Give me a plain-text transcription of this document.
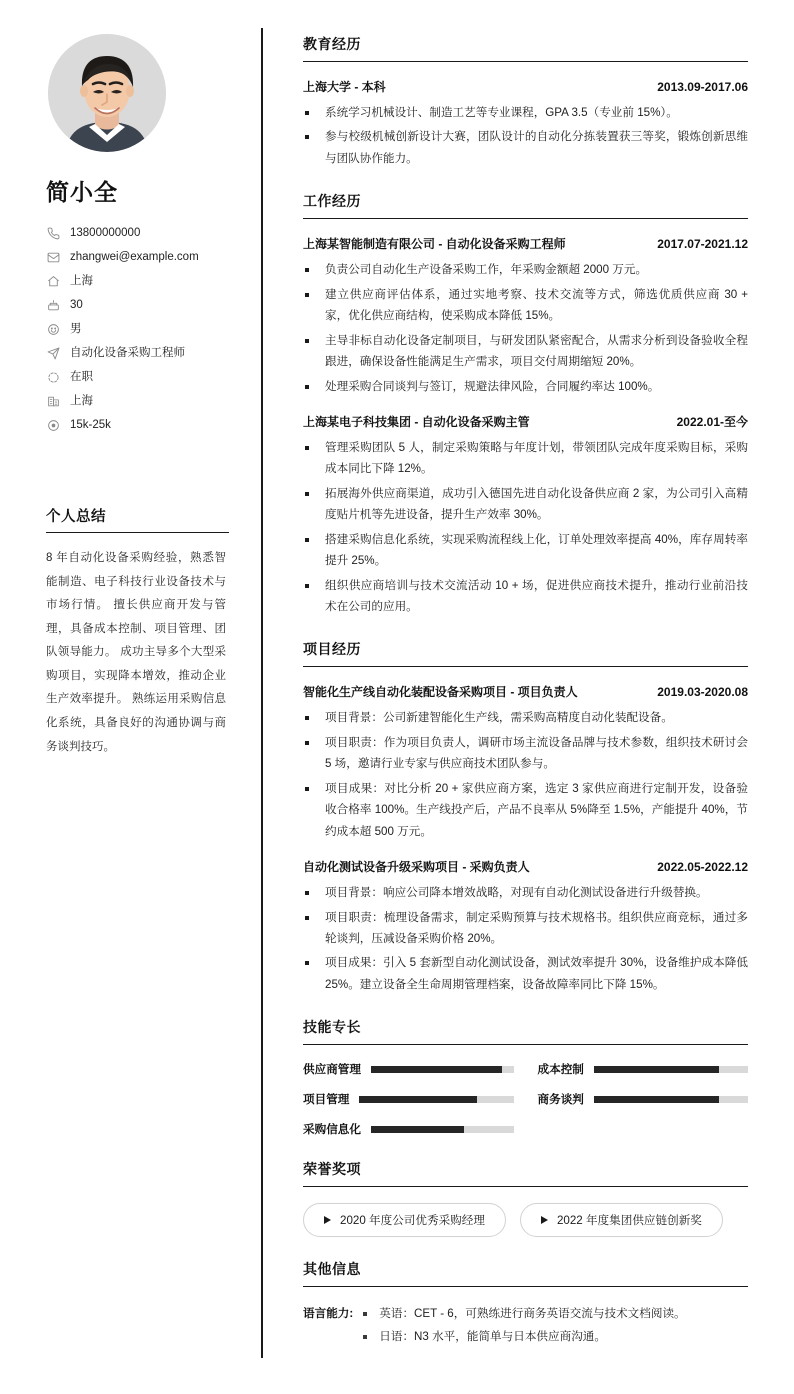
简小全
13800000000
zhangwei@example.com
上海
30
男
自动化设备采购工程师
在职
上海
15k-25k
个人总结
8 年自动化设备采购经验，熟悉智能制造、电子科技行业设备技术与市场行情。 擅长供应商开发与管理，具备成本控制、项目管理、团队领导能力。 成功主导多个大型采购项目，实现降本增效，推动企业生产效率提升。 熟练运用采购信息化系统，具备良好的沟通协调与商务谈判技巧。
教育经历
上海大学 - 本科	2013.09-2017.06
系统学习机械设计、制造工艺等专业课程，GPA 3.5（专业前 15%）。
参与校级机械创新设计大赛，团队设计的自动化分拣装置获三等奖，锻炼创新思维与团队协作能力。
工作经历
上海某智能制造有限公司 - 自动化设备采购工程师	2017.07-2021.12
负责公司自动化生产设备采购工作，年采购金额超 2000 万元。
建立供应商评估体系，通过实地考察、技术交流等方式，筛选优质供应商 30 + 家，优化供应商结构，使采购成本降低 15%。
主导非标自动化设备定制项目，与研发团队紧密配合，从需求分析到设备验收全程跟进，确保设备性能满足生产需求，项目交付周期缩短 20%。
处理采购合同谈判与签订，规避法律风险，合同履约率达 100%。
上海某电子科技集团 - 自动化设备采购主管	2022.01-至今
管理采购团队 5 人，制定采购策略与年度计划，带领团队完成年度采购目标，采购成本同比下降 12%。
拓展海外供应商渠道，成功引入德国先进自动化设备供应商 2 家，为公司引入高精度贴片机等先进设备，提升生产效率 30%。
搭建采购信息化系统，实现采购流程线上化，订单处理效率提高 40%，库存周转率提升 25%。
组织供应商培训与技术交流活动 10 + 场，促进供应商技术提升，推动行业前沿技术在公司的应用。
项目经历
智能化生产线自动化装配设备采购项目 - 项目负责人	2019.03-2020.08
项目背景：公司新建智能化生产线，需采购高精度自动化装配设备。
项目职责：作为项目负责人，调研市场主流设备品牌与技术参数，组织技术研讨会 5 场，邀请行业专家与供应商技术团队参与。
项目成果：对比分析 20 + 家供应商方案，选定 3 家供应商进行定制开发，设备验收合格率 100%。生产线投产后，产品不良率从 5%降至 1.5%，产能提升 40%，节约成本超 500 万元。
自动化测试设备升级采购项目 - 采购负责人	2022.05-2022.12
项目背景：响应公司降本增效战略，对现有自动化测试设备进行升级替换。
项目职责：梳理设备需求，制定采购预算与技术规格书。组织供应商竞标，通过多轮谈判，压减设备采购价格 20%。
项目成果：引入 5 套新型自动化测试设备，测试效率提升 30%，设备维护成本降低 25%。建立设备全生命周期管理档案，设备故障率同比下降 15%。
技能专长
供应商管理	成本控制
项目管理	商务谈判
采购信息化
荣誉奖项
2020 年度公司优秀采购经理	2022 年度集团供应链创新奖
其他信息
语言能力:	英语：CET - 6，可熟练进行商务英语交流与技术文档阅读。
日语：N3 水平，能简单与日本供应商沟通。
